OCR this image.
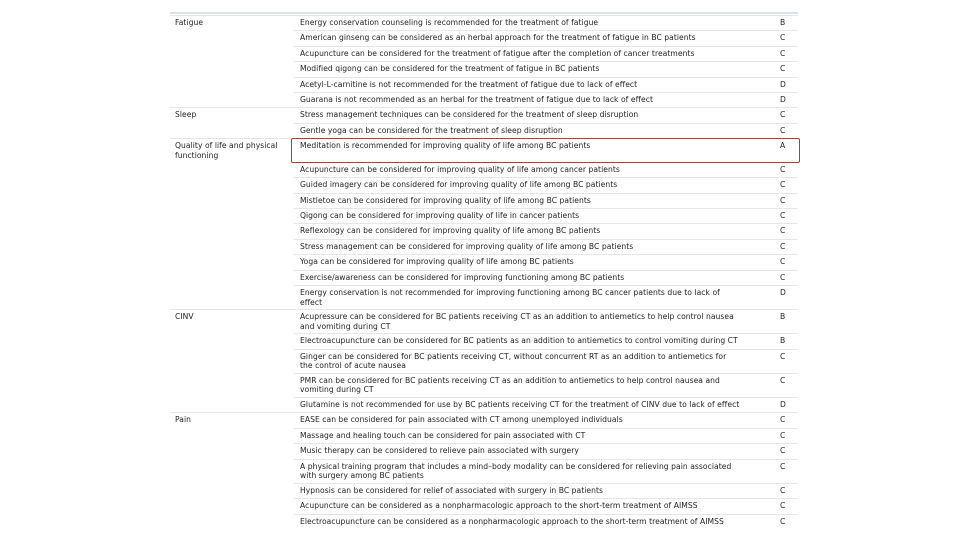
Fatigue	Energy conservation counseling is recommended for the treatment of fatigue	B
	American ginseng can be considered as an herbal approach for the treatment of fatigue in BC patients	C
	Acupuncture can be considered for the treatment of fatigue after the completion of cancer treatments	C
	Modified qigong can be considered for the treatment of fatigue in BC patients	C
	Acetyl-L-carnitine is not recommended for the treatment of fatigue due to lack of effect	D
	Guarana is not recommended as an herbal for the treatment of fatigue due to lack of effect	D
Sleep	Stress management techniques can be considered for the treatment of sleep disruption	C
	Gentle yoga can be considered for the treatment of sleep disruption	C
Quality of life and physical functioning	Meditation is recommended for improving quality of life among BC patients	A
	Acupuncture can be considered for improving quality of life among cancer patients	C
	Guided imagery can be considered for improving quality of life among BC patients	C
	Mistletoe can be considered for improving quality of life among BC patients	C
	Qigong can be considered for improving quality of life in cancer patients	C
	Reflexology can be considered for improving quality of life among BC patients	C
	Stress management can be considered for improving quality of life among BC patients	C
	Yoga can be considered for improving quality of life among BC patients	C
	Exercise/awareness can be considered for improving functioning among BC patients	C
	Energy conservation is not recommended for improving functioning among BC cancer patients due to lack of effect	D
CINV	Acupressure can be considered for BC patients receiving CT as an addition to antiemetics to help control nausea and vomiting during CT	B
	Electroacupuncture can be considered for BC patients as an addition to antiemetics to control vomiting during CT	B
	Ginger can be considered for BC patients receiving CT, without concurrent RT as an addition to antiemetics for the control of acute nausea	C
	PMR can be considered for BC patients receiving CT as an addition to antiemetics to help control nausea and vomiting during CT	C
	Glutamine is not recommended for use by BC patients receiving CT for the treatment of CINV due to lack of effect	D
Pain	EASE can be considered for pain associated with CT among unemployed individuals	C
	Massage and healing touch can be considered for pain associated with CT	C
	Music therapy can be considered to relieve pain associated with surgery	C
	A physical training program that includes a mind–body modality can be considered for relieving pain associated with surgery among BC patients	C
	Hypnosis can be considered for relief of associated with surgery in BC patients	C
	Acupuncture can be considered as a nonpharmacologic approach to the short-term treatment of AIMSS	C
	Electroacupuncture can be considered as a nonpharmacologic approach to the short-term treatment of AIMSS	C
